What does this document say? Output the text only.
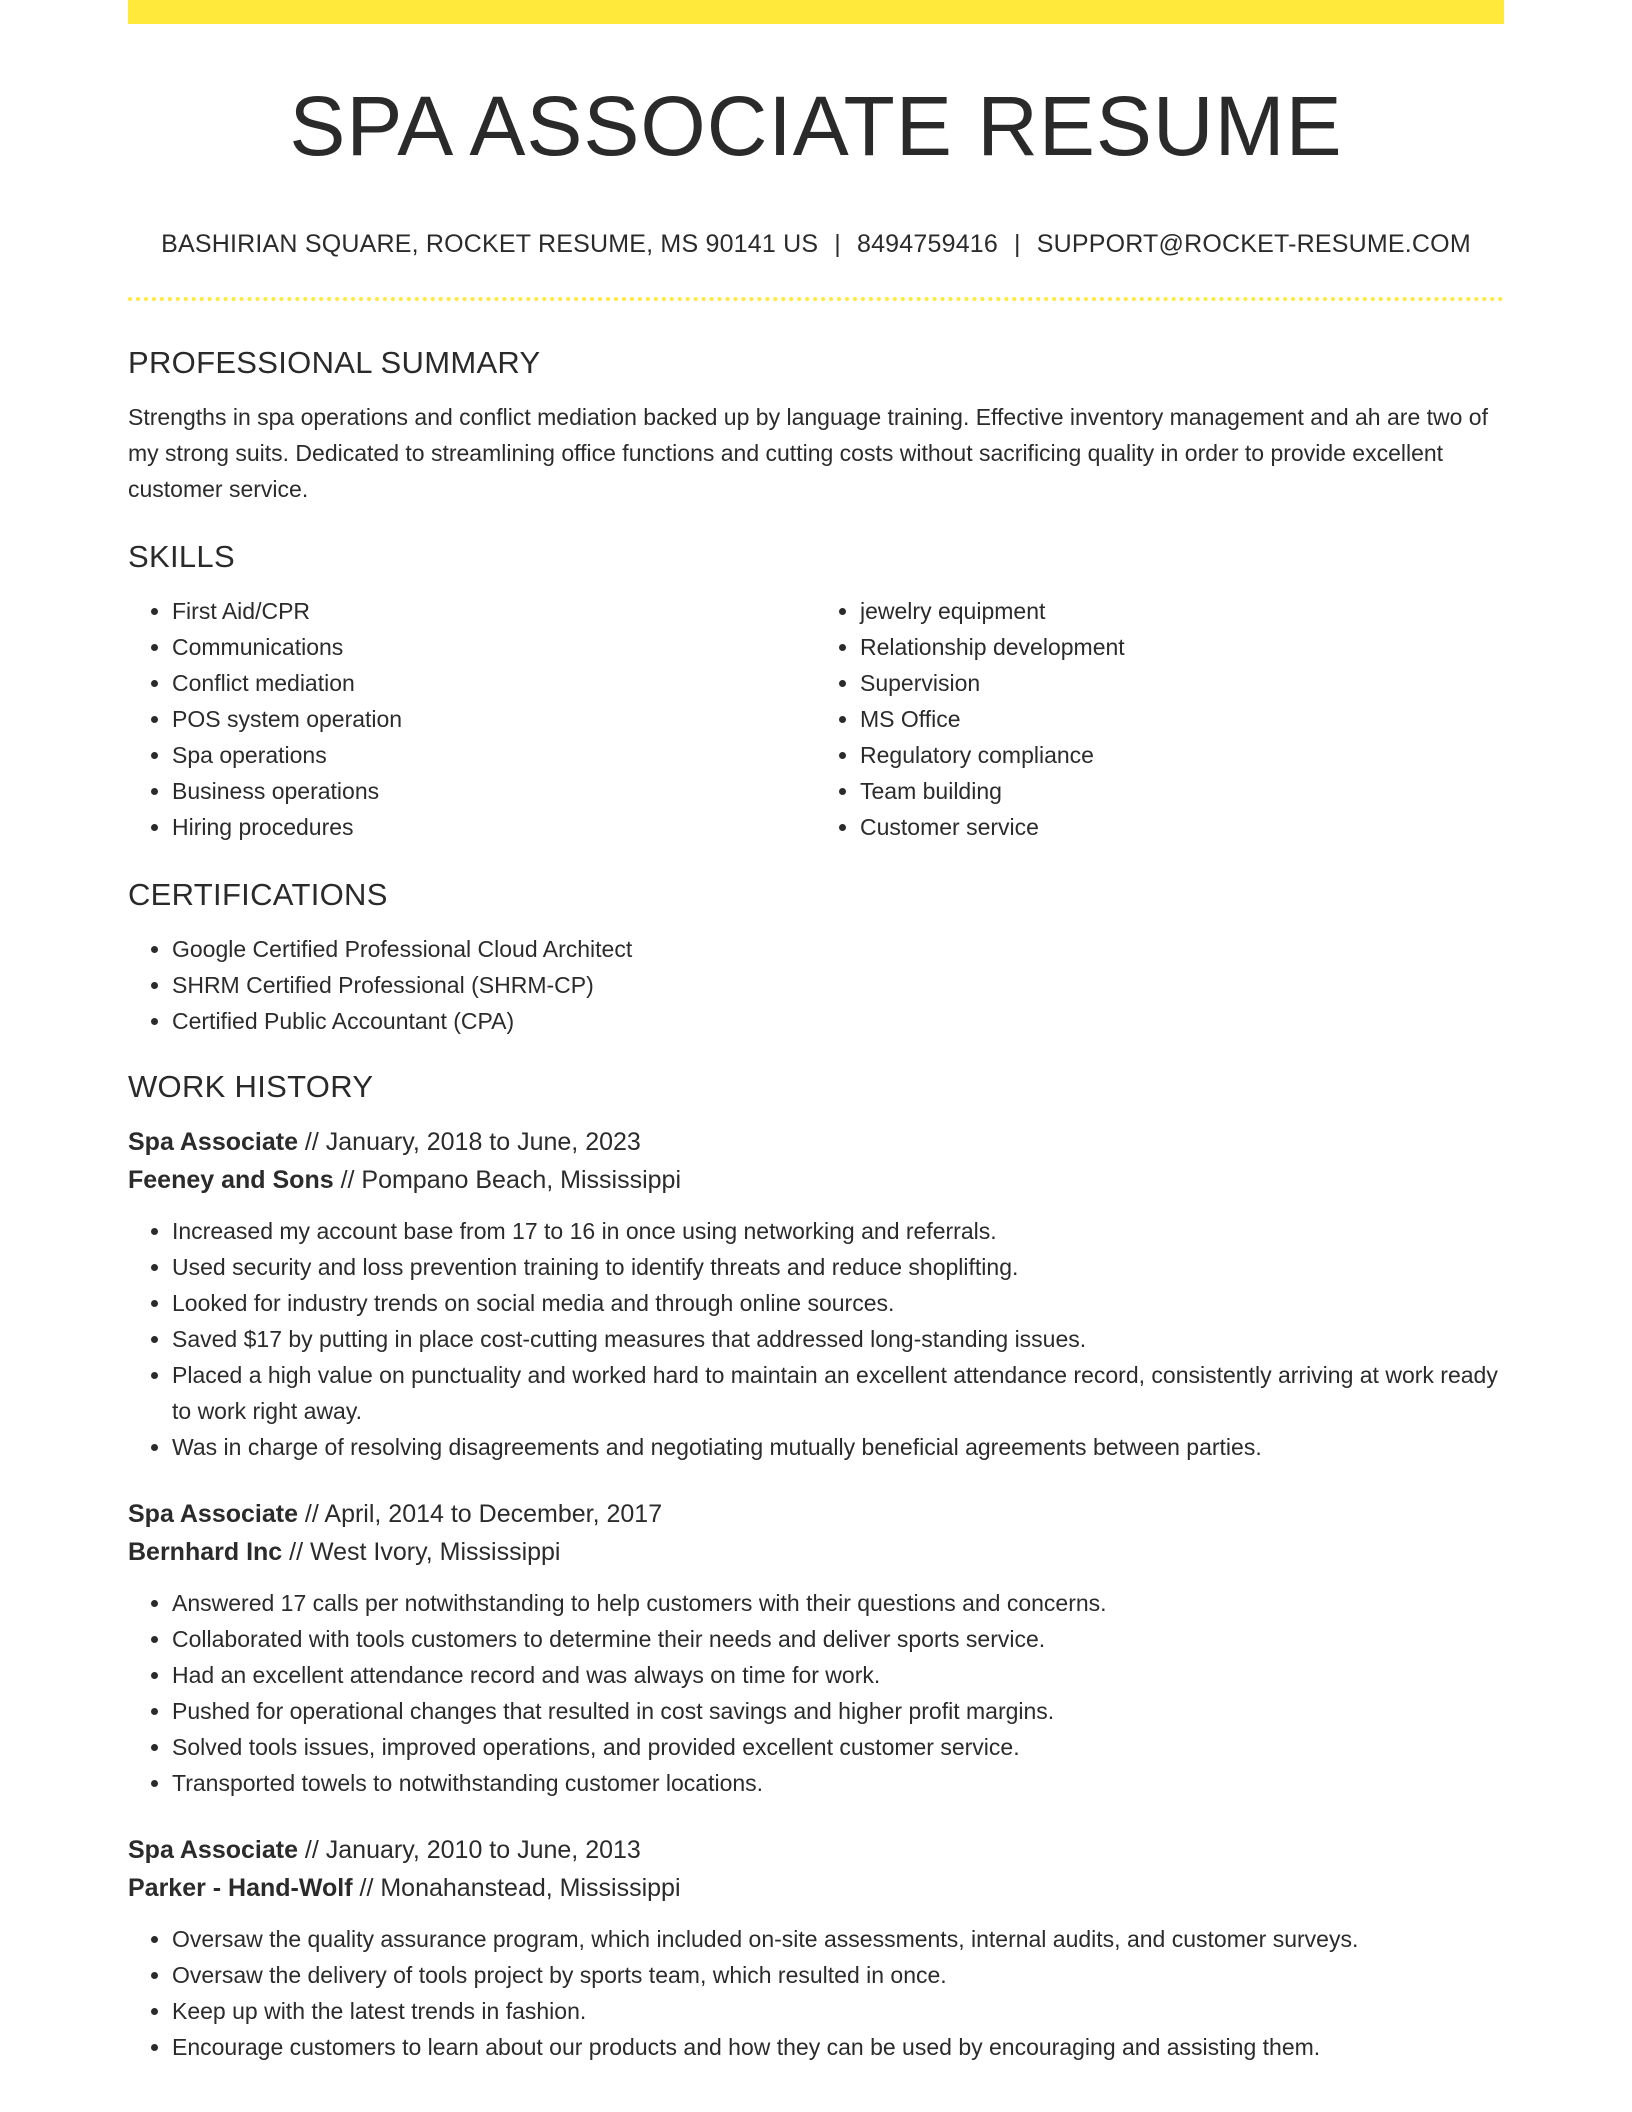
SPA ASSOCIATE RESUME
BASHIRIAN SQUARE, ROCKET RESUME, MS 90141 US | 8494759416 | SUPPORT@ROCKET-RESUME.COM
PROFESSIONAL SUMMARY

Strengths in spa operations and conflict mediation backed up by language training. Effective inventory management and ah are two of my strong suits. Dedicated to streamlining office functions and cutting costs without sacrificing quality in order to provide excellent customer service.

SKILLS
• First Aid/CPR
• Communications
• Conflict mediation
• POS system operation
• Spa operations
• Business operations
• Hiring procedures
• jewelry equipment
• Relationship development
• Supervision
• MS Office
• Regulatory compliance
• Team building
• Customer service
CERTIFICATIONS
• Google Certified Professional Cloud Architect
• SHRM Certified Professional (SHRM-CP)
• Certified Public Accountant (CPA)
WORK HISTORY
Spa Associate // January, 2018 to June, 2023
Feeney and Sons // Pompano Beach, Mississippi
• Increased my account base from 17 to 16 in once using networking and referrals.
• Used security and loss prevention training to identify threats and reduce shoplifting.
• Looked for industry trends on social media and through online sources.
• Saved $17 by putting in place cost-cutting measures that addressed long-standing issues.
• Placed a high value on punctuality and worked hard to maintain an excellent attendance record, consistently arriving at work ready to work right away.
• Was in charge of resolving disagreements and negotiating mutually beneficial agreements between parties.
Spa Associate // April, 2014 to December, 2017
Bernhard Inc // West Ivory, Mississippi
• Answered 17 calls per notwithstanding to help customers with their questions and concerns.
• Collaborated with tools customers to determine their needs and deliver sports service.
• Had an excellent attendance record and was always on time for work.
• Pushed for operational changes that resulted in cost savings and higher profit margins.
• Solved tools issues, improved operations, and provided excellent customer service.
• Transported towels to notwithstanding customer locations.
Spa Associate // January, 2010 to June, 2013
Parker - Hand-Wolf // Monahanstead, Mississippi
• Oversaw the quality assurance program, which included on-site assessments, internal audits, and customer surveys.
• Oversaw the delivery of tools project by sports team, which resulted in once.
• Keep up with the latest trends in fashion.
• Encourage customers to learn about our products and how they can be used by encouraging and assisting them.
